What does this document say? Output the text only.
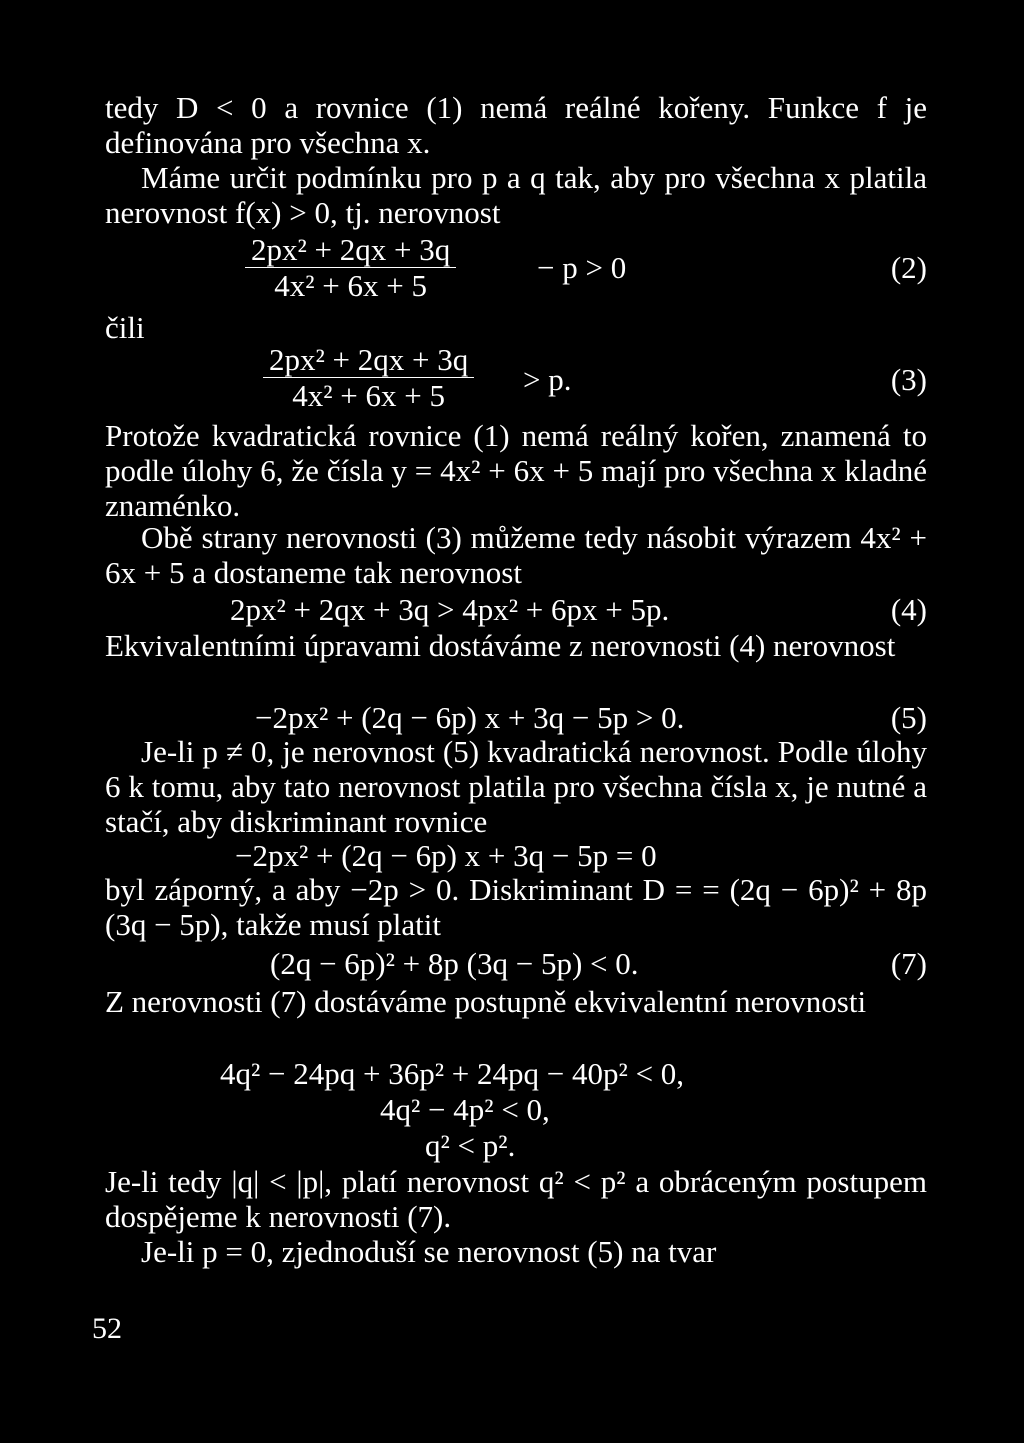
tedy D < 0 a rovnice (1) nemá reálné kořeny. Funkce f je definována pro všechna x.

Máme určit podmínku pro p a q tak, aby pro všechna x platila nerovnost f(x) > 0, tj. nerovnost

2px² + 2qx + 3q
4x² + 6x + 5
− p > 0	(2)

čili

2px² + 2qx + 3q
4x² + 6x + 5	> p.	(3)

Protože kvadratická rovnice (1) nemá reálný kořen, znamená to podle úlohy 6, že čísla y = 4x² + 6x + 5 mají pro všechna x kladné znaménko.

Obě strany nerovnosti (3) můžeme tedy násobit výrazem 4x² + 6x + 5 a dostaneme tak nerovnost

2px² + 2qx + 3q > 4px² + 6px + 5p.	(4)

Ekvivalentními úpravami dostáváme z nerovnosti (4) nerovnost

−2px² + (2q − 6p) x + 3q − 5p > 0.	(5)

Je-li p ≠ 0, je nerovnost (5) kvadratická nerovnost. Podle úlohy 6 k tomu, aby tato nerovnost platila pro všechna čísla x, je nutné a stačí, aby diskriminant rovnice

−2px² + (2q − 6p) x + 3q − 5p = 0

byl záporný, a aby −2p > 0. Diskriminant D = = (2q − 6p)² + 8p (3q − 5p), takže musí platit

(2q − 6p)² + 8p (3q − 5p) < 0.	(7)

Z nerovnosti (7) dostáváme postupně ekvivalentní nerovnosti

4q² − 24pq + 36p² + 24pq − 40p² < 0,
4q² − 4p² < 0,
q² < p².

Je-li tedy |q| < |p|, platí nerovnost q² < p² a obráceným postupem dospějeme k nerovnosti (7).

Je-li p = 0, zjednoduší se nerovnost (5) na tvar

52
